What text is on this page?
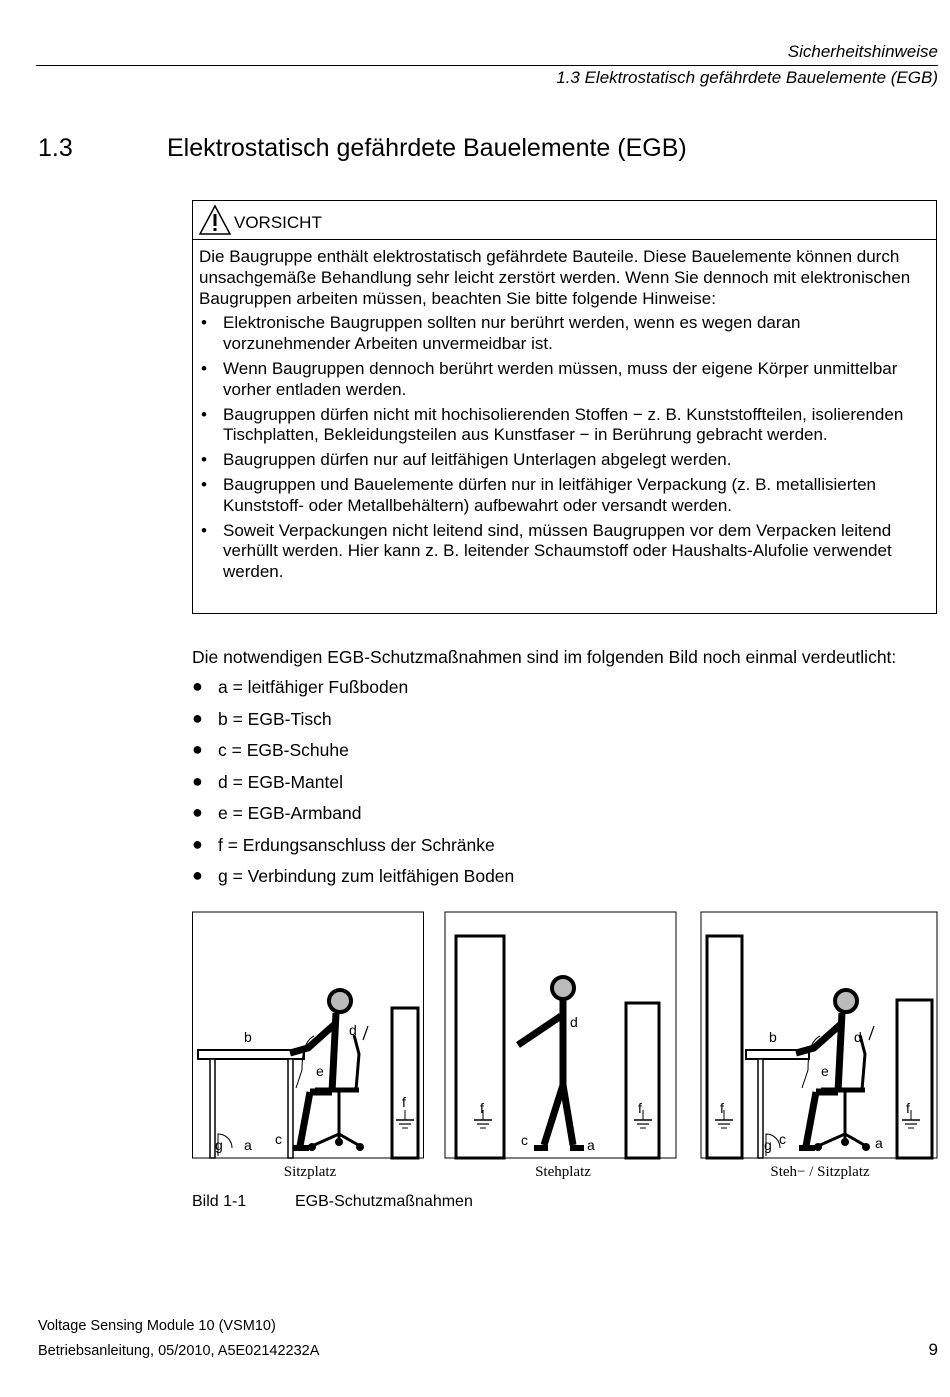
Sicherheitshinweise
1.3 Elektrostatisch gefährdete Bauelemente (EGB)
1.3	Elektrostatisch gefährdete Bauelemente (EGB)
VORSICHT

Die Baugruppe enthält elektrostatisch gefährdete Bauteile. Diese Bauelemente können durch unsachgemäße Behandlung sehr leicht zerstört werden. Wenn Sie dennoch mit elektronischen Baugruppen arbeiten müssen, beachten Sie bitte folgende Hinweise:

• Elektronische Baugruppen sollten nur berührt werden, wenn es wegen daran vorzunehmender Arbeiten unvermeidbar ist.
• Wenn Baugruppen dennoch berührt werden müssen, muss der eigene Körper unmittelbar vorher entladen werden.
• Baugruppen dürfen nicht mit hochisolierenden Stoffen − z. B. Kunststoffteilen, isolierenden Tischplatten, Bekleidungsteilen aus Kunstfaser − in Berührung gebracht werden.
• Baugruppen dürfen nur auf leitfähigen Unterlagen abgelegt werden.
• Baugruppen und Bauelemente dürfen nur in leitfähiger Verpackung (z. B. metallisierten Kunststoff- oder Metallbehältern) aufbewahrt oder versandt werden.
• Soweit Verpackungen nicht leitend sind, müssen Baugruppen vor dem Verpacken leitend verhüllt werden. Hier kann z. B. leitender Schaumstoff oder Haushalts-Alufolie verwendet werden.
Die notwendigen EGB-Schutzmaßnahmen sind im folgenden Bild noch einmal verdeutlicht:
● a = leitfähiger Fußboden
● b = EGB-Tisch
● c = EGB-Schuhe
● d = EGB-Mantel
● e = EGB-Armband
● f = Erdungsanschluss der Schränke
● g = Verbindung zum leitfähigen Boden
b	d
e
f
g a c
f
d
c	a
f	f
b	d
e
g c	a
f
Sitzplatz	Stehplatz	Steh− / Sitzplatz
Bild 1-1	EGB-Schutzmaßnahmen
Voltage Sensing Module 10 (VSM10)
Betriebsanleitung, 05/2010, A5E02142232A	9
